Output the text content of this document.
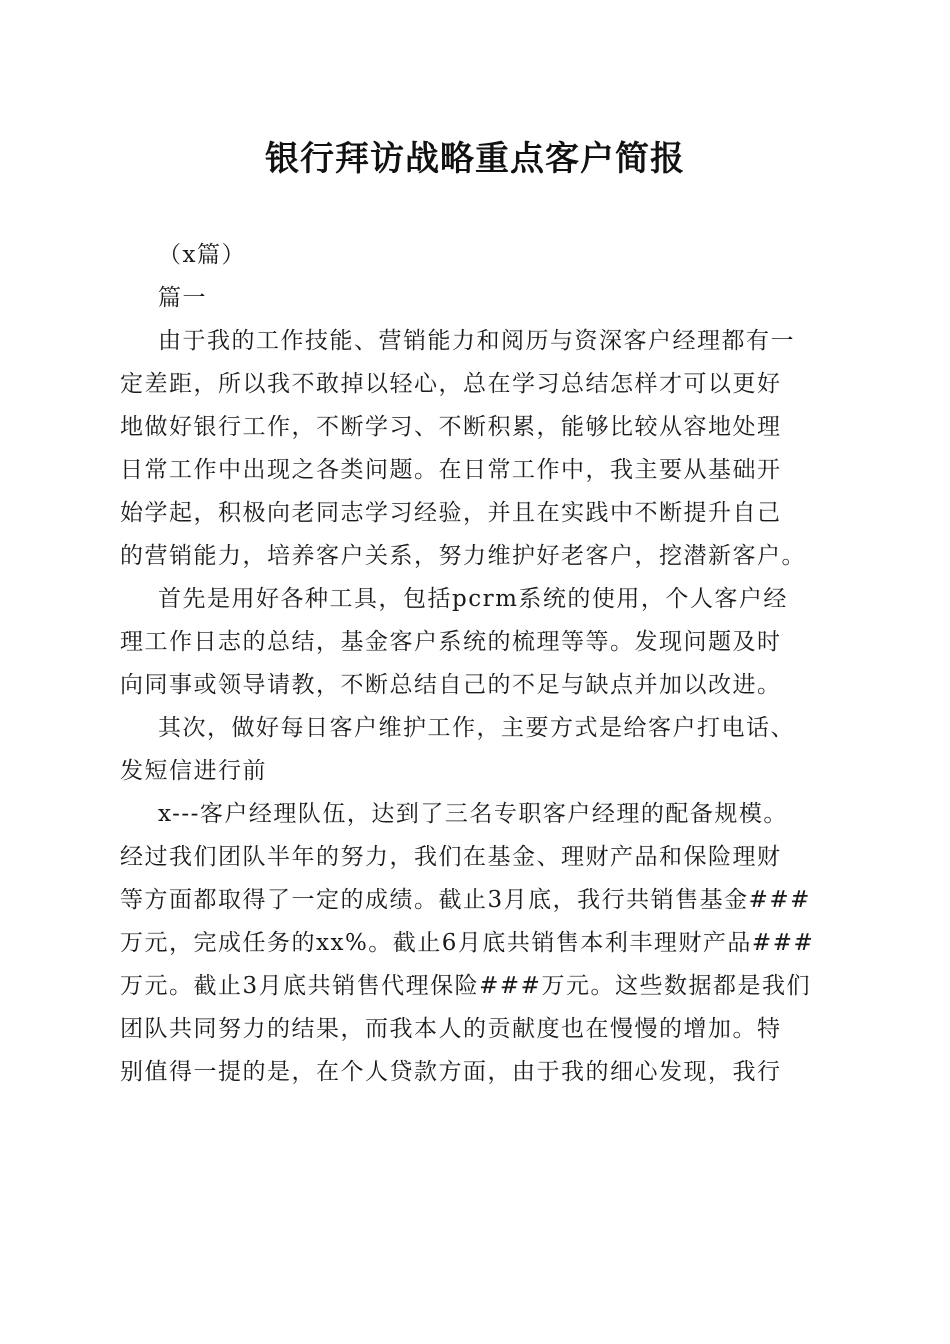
银行拜访战略重点客户简报

（x篇）

篇一

由于我的工作技能、营销能力和阅历与资深客户经理都有一
定差距，所以我不敢掉以轻心，总在学习总结怎样才可以更好
地做好银行工作，不断学习、不断积累，能够比较从容地处理
日常工作中出现之各类问题。在日常工作中，我主要从基础开
始学起，积极向老同志学习经验，并且在实践中不断提升自己
的营销能力，培养客户关系，努力维护好老客户，挖潜新客户。

首先是用好各种工具，包括pcrm系统的使用，个人客户经
理工作日志的总结，基金客户系统的梳理等等。发现问题及时
向同事或领导请教，不断总结自己的不足与缺点并加以改进。

其次，做好每日客户维护工作，主要方式是给客户打电话、
发短信进行前

x---客户经理队伍，达到了三名专职客户经理的配备规模。
经过我们团队半年的努力，我们在基金、理财产品和保险理财
等方面都取得了一定的成绩。截止3月底，我行共销售基金###
万元，完成任务的xx%。截止6月底共销售本利丰理财产品###
万元。截止3月底共销售代理保险###万元。这些数据都是我们
团队共同努力的结果，而我本人的贡献度也在慢慢的增加。特
别值得一提的是，在个人贷款方面，由于我的细心发现，我行
